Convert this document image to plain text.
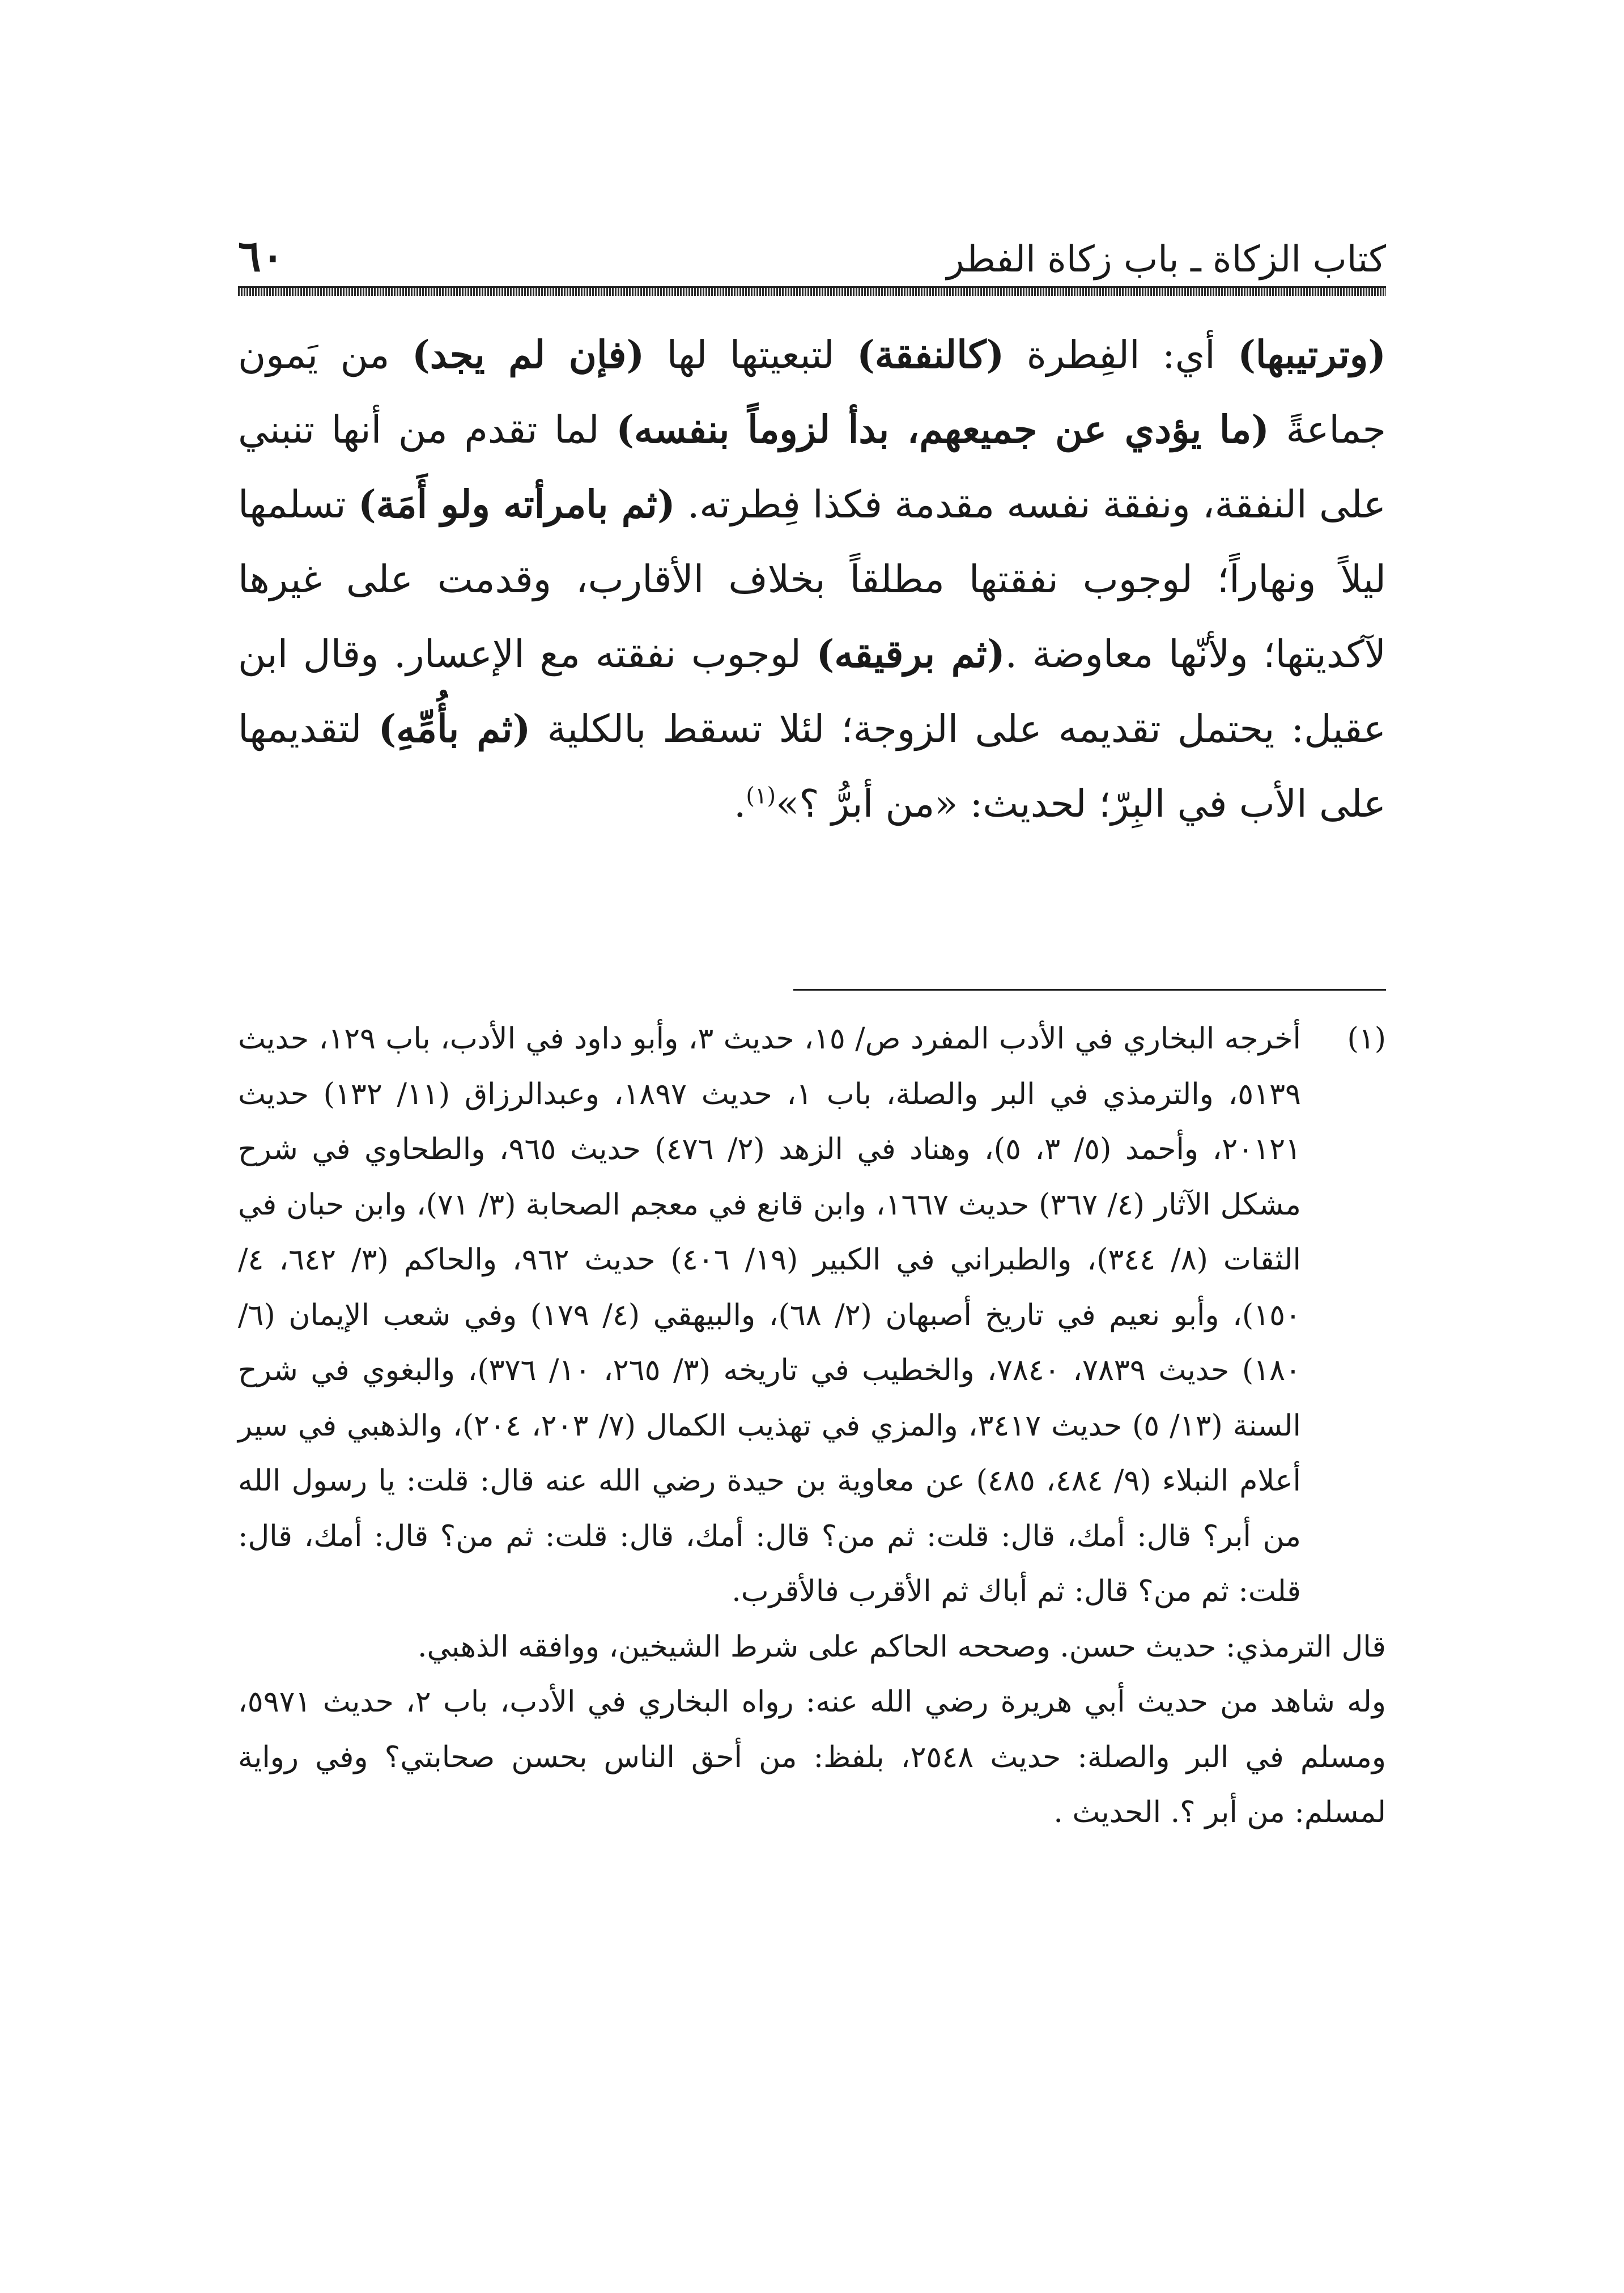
كتاب الزكاة ـ باب زكاة الفطر
٦٠

(وترتيبها) أي: الفِطرة (كالنفقة) لتبعيتها لها (فإن لم يجد) من يَمون جماعةً (ما يؤدي عن جميعهم، بدأ لزوماً بنفسه) لما تقدم من أنها تنبني على النفقة، ونفقة نفسه مقدمة فكذا فِطرته. (ثم بامرأته ولو أَمَة) تسلمها ليلاً ونهاراً؛ لوجوب نفقتها مطلقاً بخلاف الأقارب، وقدمت على غيرها لآكديتها؛ ولأنّها معاوضة .(ثم برقيقه) لوجوب نفقته مع الإعسار. وقال ابن عقيل: يحتمل تقديمه على الزوجة؛ لئلا تسقط بالكلية (ثم بأُمِّهِ) لتقديمها على الأب في البِرّ؛ لحديث: «من أبرُّ ؟»$^{(١)}$.

(١)

أخرجه البخاري في الأدب المفرد ص/ ١٥، حديث ٣، وأبو داود في الأدب، باب ١٢٩، حديث ٥١٣٩، والترمذي في البر والصلة، باب ١، حديث ١٨٩٧، وعبدالرزاق (١١/ ١٣٢) حديث ٢٠١٢١، وأحمد (٥/ ٣، ٥)، وهناد في الزهد (٢/ ٤٧٦) حديث ٩٦٥، والطحاوي في شرح مشكل الآثار (٤/ ٣٦٧) حديث ١٦٦٧، وابن قانع في معجم الصحابة (٣/ ٧١)، وابن حبان في الثقات (٨/ ٣٤٤)، والطبراني في الكبير (١٩/ ٤٠٦) حديث ٩٦٢، والحاكم (٣/ ٦٤٢، ٤/ ١٥٠)، وأبو نعيم في تاريخ أصبهان (٢/ ٦٨)، والبيهقي (٤/ ١٧٩) وفي شعب الإيمان (٦/ ١٨٠) حديث ٧٨٣٩، ٧٨٤٠، والخطيب في تاريخه (٣/ ٢٦٥، ١٠/ ٣٧٦)، والبغوي في شرح السنة (١٣/ ٥) حديث ٣٤١٧، والمزي في تهذيب الكمال (٧/ ٢٠٣، ٢٠٤)، والذهبي في سير أعلام النبلاء (٩/ ٤٨٤، ٤٨٥) عن معاوية بن حيدة رضي الله عنه قال: قلت: يا رسول الله من أبر؟ قال: أمك، قال: قلت: ثم من؟ قال: أمك، قال: قلت: ثم من؟ قال: أمك، قال: قلت: ثم من؟ قال: ثم أباك ثم الأقرب فالأقرب.

قال الترمذي: حديث حسن. وصححه الحاكم على شرط الشيخين، ووافقه الذهبي.

وله شاهد من حديث أبي هريرة رضي الله عنه: رواه البخاري في الأدب، باب ٢، حديث ٥٩٧١، ومسلم في البر والصلة: حديث ٢٥٤٨، بلفظ: من أحق الناس بحسن صحابتي؟ وفي رواية لمسلم: من أبر ؟. الحديث .
